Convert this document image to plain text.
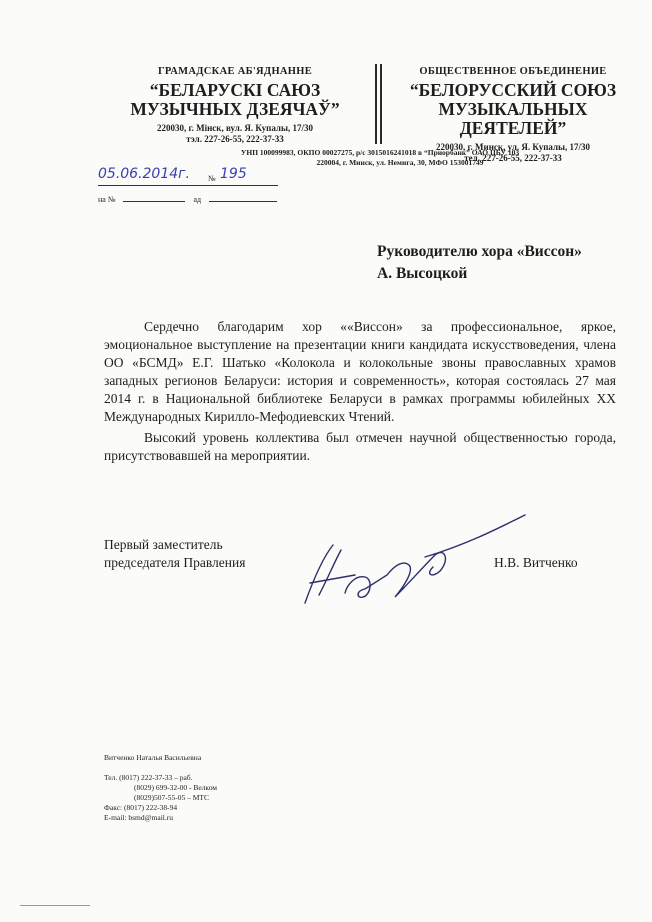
ГРАМАДСКАЕ АБ'ЯДНАННЕ
“БЕЛАРУСКІ САЮЗ
МУЗЫЧНЫХ ДЗЕЯЧАЎ”
220030, г. Мінск, вул. Я. Купалы, 17/30
тэл. 227-26-55, 222-37-33
ОБЩЕСТВЕННОЕ ОБЪЕДИНЕНИЕ
“БЕЛОРУССКИЙ СОЮЗ
МУЗЫКАЛЬНЫХ ДЕЯТЕЛЕЙ”
220030, г. Минск, ул. Я. Купалы, 17/30
тел. 227-26-55, 222-37-33
УНП 100099983, ОКПО 00027275, р/с 3015016241018 в “Приорбанк” ОАО ЦБУ 103
220004, г. Минск, ул. Немига, 30, МФО 153001749
05.06.2014г. № 195
на №	ад
Руководителю хора «Виссон»
А. Высоцкой

Сердечно благодарим хор ««Виссон» за профессиональное, яркое, эмоциональное выступление на презентации книги кандидата искусствоведения, члена ОО «БСМД» Е.Г. Шатько «Колокола и колокольные звоны православных храмов западных регионов Беларуси: история и современность», которая состоялась 27 мая 2014 г. в Национальной библиотеке Беларуси в рамках программы юбилейных XX Международных Кирилло-Мефодиевских Чтений.

Высокий уровень коллектива был отмечен научной общественностью города, присутствовавшей на мероприятии.

Первый заместитель
председателя Правления	Н.В. Витченко
Витченко Наталья Васильевна
Тел. (8017) 222-37-33 – раб.
(8029) 699-32-00 - Велком
(8029)507-55-05 – МТС
Факс: (8017) 222-38-94
E-mail: bsmd@mail.ru
